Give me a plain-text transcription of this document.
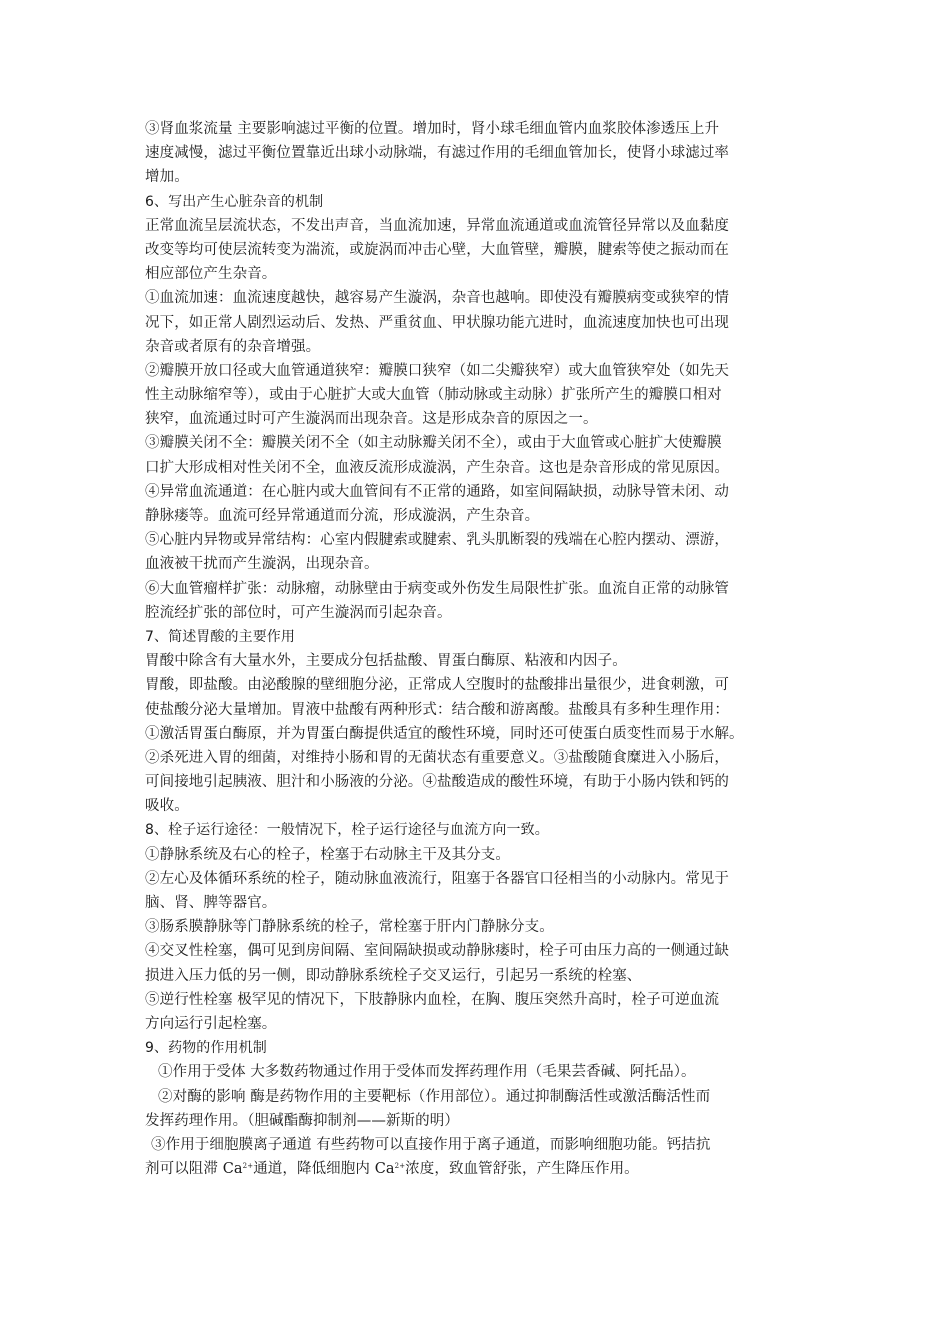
③肾血浆流量 主要影响滤过平衡的位置。增加时，肾小球毛细血管内血浆胶体渗透压上升
速度减慢，滤过平衡位置靠近出球小动脉端，有滤过作用的毛细血管加长，使肾小球滤过率
增加。
6、写出产生心脏杂音的机制
正常血流呈层流状态，不发出声音，当血流加速，异常血流通道或血流管径异常以及血黏度
改变等均可使层流转变为湍流，或旋涡而冲击心壁，大血管壁，瓣膜，腱索等使之振动而在
相应部位产生杂音。
①血流加速：血流速度越快，越容易产生漩涡，杂音也越响。即使没有瓣膜病变或狭窄的情
况下，如正常人剧烈运动后、发热、严重贫血、甲状腺功能亢进时，血流速度加快也可出现
杂音或者原有的杂音增强。
②瓣膜开放口径或大血管通道狭窄：瓣膜口狭窄（如二尖瓣狭窄）或大血管狭窄处（如先天
性主动脉缩窄等），或由于心脏扩大或大血管（肺动脉或主动脉）扩张所产生的瓣膜口相对
狭窄，血流通过时可产生漩涡而出现杂音。这是形成杂音的原因之一。
③瓣膜关闭不全：瓣膜关闭不全（如主动脉瓣关闭不全），或由于大血管或心脏扩大使瓣膜
口扩大形成相对性关闭不全，血液反流形成漩涡，产生杂音。这也是杂音形成的常见原因。
④异常血流通道：在心脏内或大血管间有不正常的通路，如室间隔缺损，动脉导管未闭、动
静脉瘘等。血流可经异常通道而分流，形成漩涡，产生杂音。
⑤心脏内异物或异常结构：心室内假腱索或腱索、乳头肌断裂的残端在心腔内摆动、漂游，
血液被干扰而产生漩涡，出现杂音。
⑥大血管瘤样扩张：动脉瘤，动脉壁由于病变或外伤发生局限性扩张。血流自正常的动脉管
腔流经扩张的部位时，可产生漩涡而引起杂音。
7、简述胃酸的主要作用
胃酸中除含有大量水外，主要成分包括盐酸、胃蛋白酶原、粘液和内因子。
胃酸，即盐酸。由泌酸腺的壁细胞分泌，正常成人空腹时的盐酸排出量很少，进食刺激，可
使盐酸分泌大量增加。胃液中盐酸有两种形式：结合酸和游离酸。盐酸具有多种生理作用：
①激活胃蛋白酶原，并为胃蛋白酶提供适宜的酸性环境，同时还可使蛋白质变性而易于水解。
②杀死进入胃的细菌，对维持小肠和胃的无菌状态有重要意义。③盐酸随食糜进入小肠后，
可间接地引起胰液、胆汁和小肠液的分泌。④盐酸造成的酸性环境，有助于小肠内铁和钙的
吸收。
8、栓子运行途径：一般情况下，栓子运行途径与血流方向一致。
①静脉系统及右心的栓子，栓塞于右动脉主干及其分支。
②左心及体循环系统的栓子，随动脉血液流行，阻塞于各器官口径相当的小动脉内。常见于
脑、肾、脾等器官。
③肠系膜静脉等门静脉系统的栓子，常栓塞于肝内门静脉分支。
④交叉性栓塞，偶可见到房间隔、室间隔缺损或动静脉瘘时，栓子可由压力高的一侧通过缺
损进入压力低的另一侧，即动静脉系统栓子交叉运行，引起另一系统的栓塞、
⑤逆行性栓塞 极罕见的情况下，下肢静脉内血栓，在胸、腹压突然升高时，栓子可逆血流
方向运行引起栓塞。
9、药物的作用机制
①作用于受体 大多数药物通过作用于受体而发挥药理作用（毛果芸香碱、阿托品）。
②对酶的影响 酶是药物作用的主要靶标（作用部位）。通过抑制酶活性或激活酶活性而
发挥药理作用。（胆碱酯酶抑制剂——新斯的明）
③作用于细胞膜离子通道 有些药物可以直接作用于离子通道，而影响细胞功能。钙拮抗
剂可以阻滞 $Ca^{2+}$通道，降低细胞内 $Ca^{2+}$浓度，致血管舒张，产生降压作用。
